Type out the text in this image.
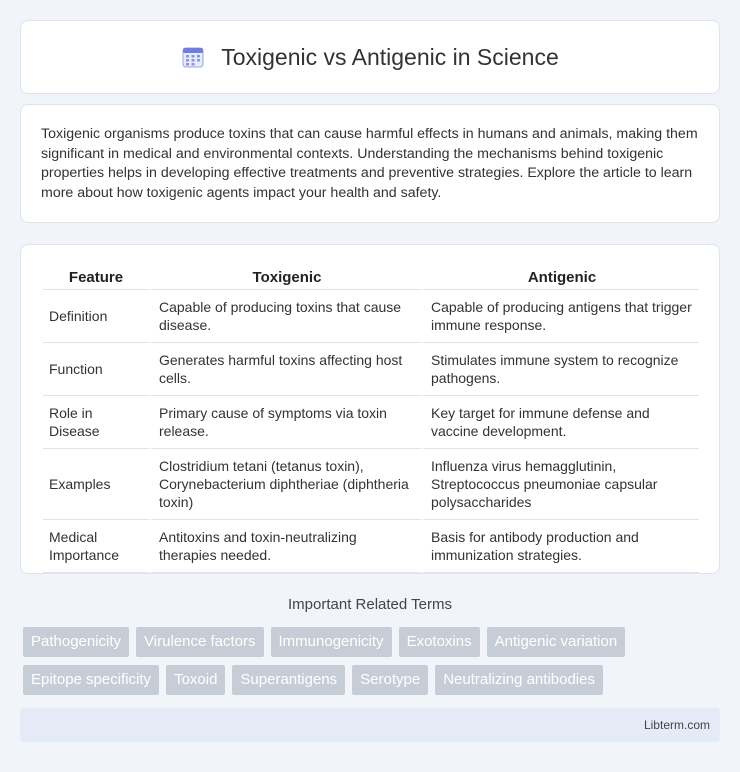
Toxigenic vs Antigenic in Science

Toxigenic organisms produce toxins that can cause harmful effects in humans and animals, making them significant in medical and environmental contexts. Understanding the mechanisms behind toxigenic properties helps in developing effective treatments and preventive strategies. Explore the article to learn more about how toxigenic agents impact your health and safety.

Feature	Toxigenic	Antigenic
Definition	Capable of producing toxins that cause disease.	Capable of producing antigens that trigger immune response.
Function	Generates harmful toxins affecting host cells.	Stimulates immune system to recognize pathogens.
Role in Disease	Primary cause of symptoms via toxin release.	Key target for immune defense and vaccine development.
Examples	Clostridium tetani (tetanus toxin), Corynebacterium diphtheriae (diphtheria toxin)	Influenza virus hemagglutinin, Streptococcus pneumoniae capsular polysaccharides
Medical Importance	Antitoxins and toxin-neutralizing therapies needed.	Basis for antibody production and immunization strategies.
Important Related Terms
Pathogenicity	Virulence factors	Immunogenicity	Exotoxins	Antigenic variation
Epitope specificity	Toxoid	Superantigens	Serotype	Neutralizing antibodies
Libterm.com
